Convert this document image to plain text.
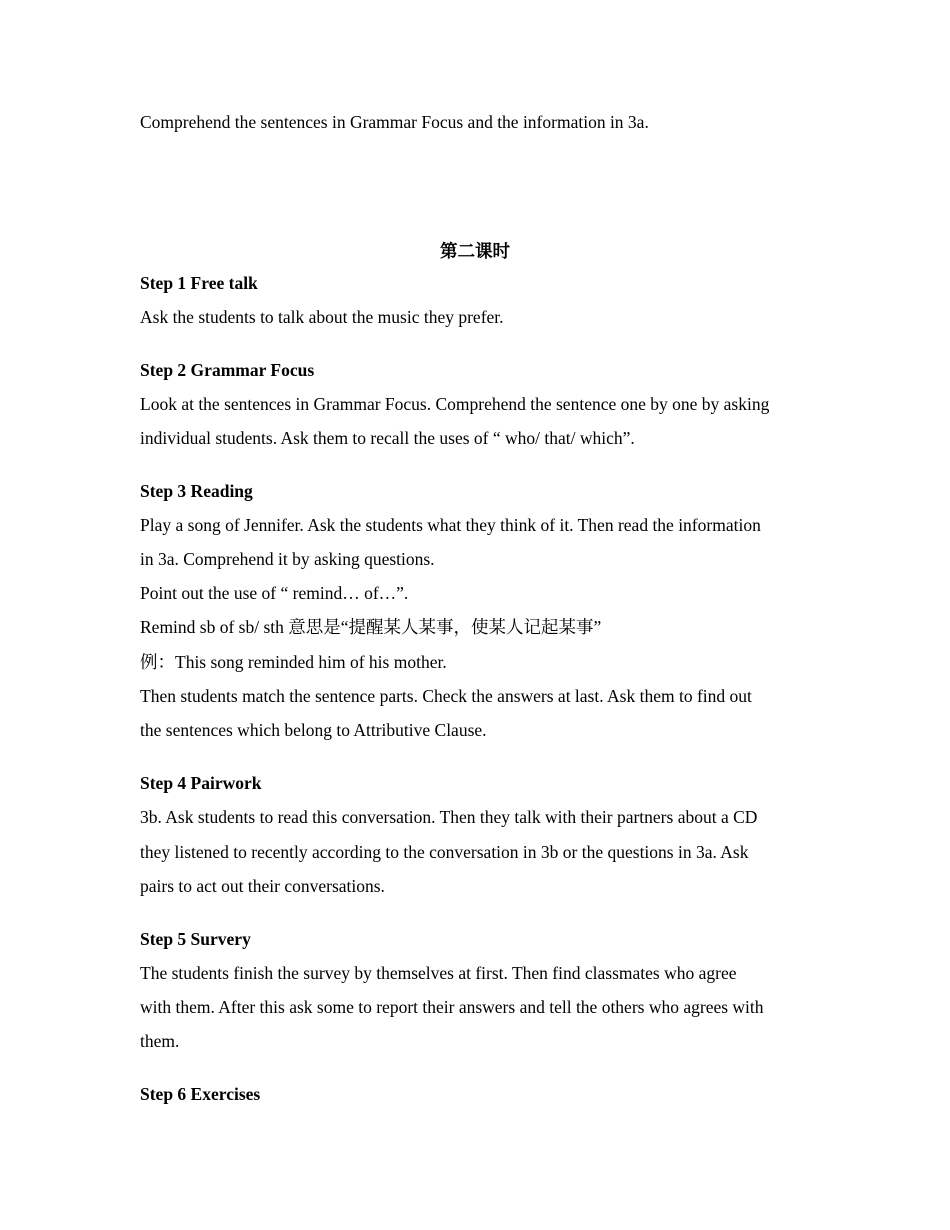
Comprehend the sentences in Grammar Focus and the information in 3a.
第二课时
Step 1 Free talk
Ask the students to talk about the music they prefer.
Step 2 Grammar Focus
Look at the sentences in Grammar Focus. Comprehend the sentence one by one by asking
individual students. Ask them to recall the uses of “ who/ that/ which”.
Step 3 Reading
Play a song of Jennifer. Ask the students what they think of it. Then read the information
in 3a. Comprehend it by asking questions.
Point out the use of “ remind… of…”.
Remind sb of sb/ sth 意思是“提醒某人某事，使某人记起某事”
例：This song reminded him of his mother.
Then students match the sentence parts. Check the answers at last. Ask them to find out
the sentences which belong to Attributive Clause.
Step 4 Pairwork
3b. Ask students to read this conversation. Then they talk with their partners about a CD
they listened to recently according to the conversation in 3b or the questions in 3a. Ask
pairs to act out their conversations.
Step 5 Survery
The students finish the survey by themselves at first. Then find classmates who agree
with them. After this ask some to report their answers and tell the others who agrees with
them.
Step 6 Exercises
